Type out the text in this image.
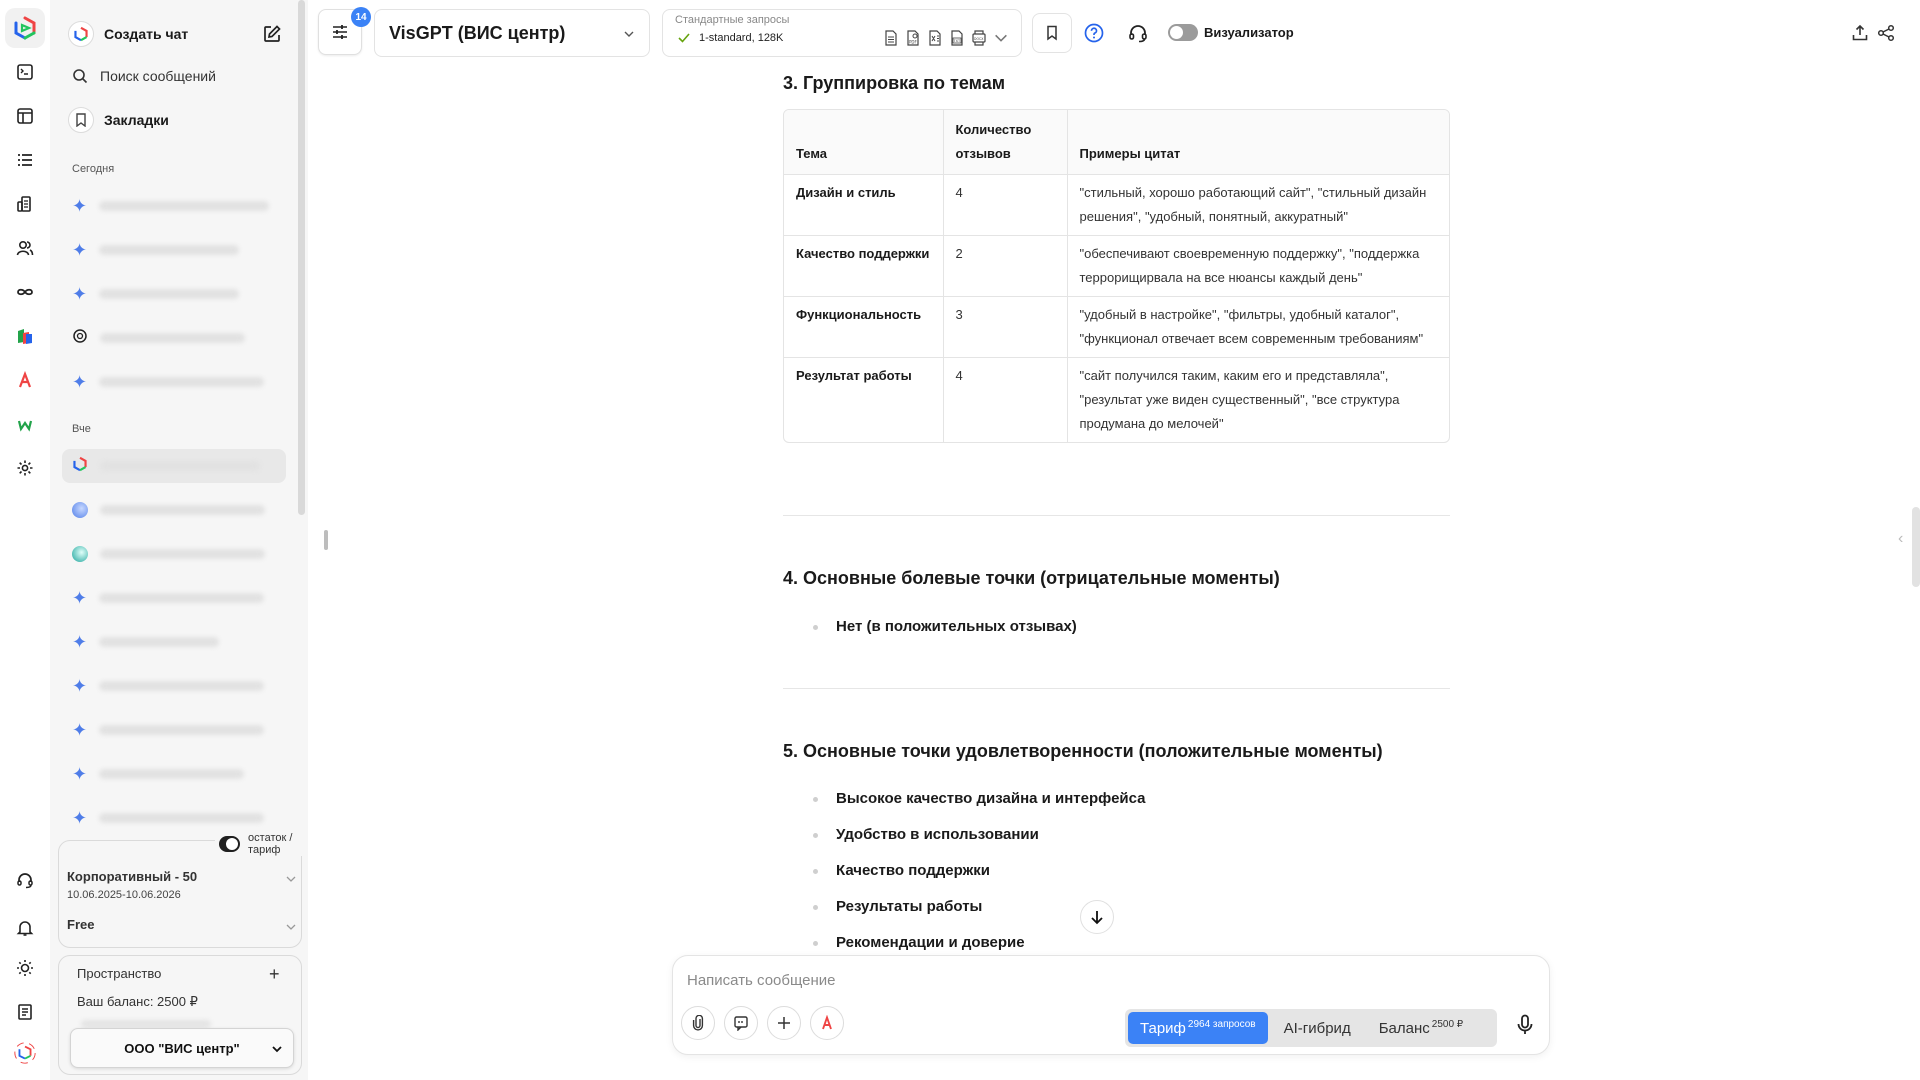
Создать чат
Поиск сообщений
Закладки
Сегодня
✦
✦
✦
✦
Вче
✦
✦
✦
✦
✦
✦
Корпоративный - 50
10.06.2025-10.06.2026
Free
остаток / тариф
Пространство	+
Ваш баланс: 2500 ₽
ООО "ВИС центр"
14
VisGPT (ВИС центр)
Стандартные запросы
1-standard, 128K	PDF	TXT	DOCX	Визуализатор
3. Группировка по темам
Тема	Количество отзывов	Примеры цитат
Дизайн и стиль	4	"стильный, хорошо работающий сайт", "стильный дизайн решения", "удобный, понятный, аккуратный"
Качество поддержки	2	"обеспечивают своевременную поддержку", "поддержка террорищирвала на все нюансы каждый день"
Функциональность	3	"удобный в настройке", "фильтры, удобный каталог", "функционал отвечает всем современным требованиям"
Результат работы	4	"сайт получился таким, каким его и представляла", "результат уже виден существенный", "все структура продумана до мелочей"
4. Основные болевые точки (отрицательные моменты)
Нет (в положительных отзывах)
5. Основные точки удовлетворенности (положительные моменты)
Высокое качество дизайна и интерфейса
Удобство в использовании
Качество поддержки
Результаты работы
Рекомендации и доверие
Написать сообщение
Тариф$^{2964 запросов}$ AI-гибрид Баланс$^{2500 ₽}$
‹
